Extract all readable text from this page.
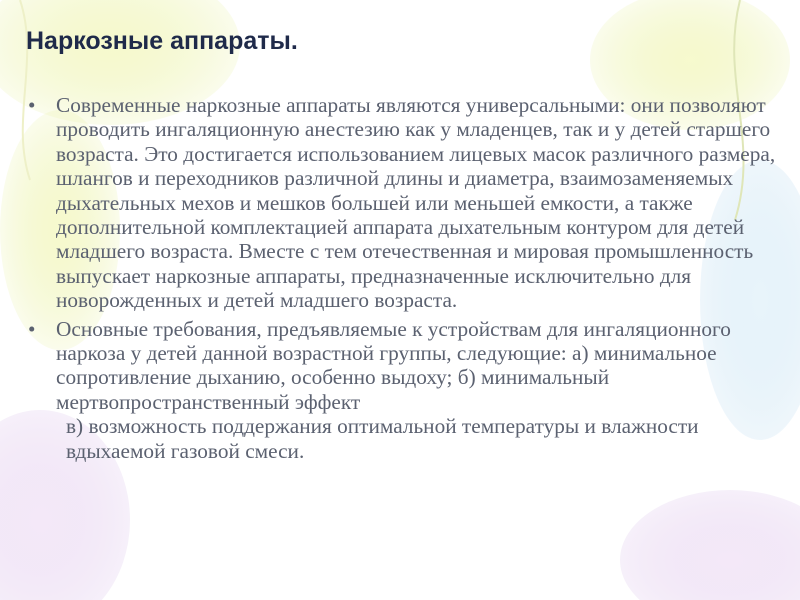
Наркозные аппараты.
• Современные наркозные аппараты являются универсальными: они позволяют проводить ингаляционную анестезию как у младенцев, так и у детей старшего возраста. Это достигается использованием лицевых масок различного размера, шлангов и переходников различной длины и диаметра, взаимозаменяемых дыхательных мехов и мешков большей или меньшей емкости, а также дополнительной комплектацией аппарата дыхательным контуром для детей младшего возраста. Вместе с тем отечественная и мировая промышленность выпускает наркозные аппараты, предназначенные исключительно для новорожденных и детей младшего возраста.
• Основные требования, предъявляемые к устройствам для ингаляционного наркоза у детей данной возрастной группы, следующие: а) минимальное сопротивление дыханию, особенно выдоху; б) минимальный мертвопространственный эффект

в) возможность поддержания оптимальной температуры и влажности вдыхаемой газовой смеси.
